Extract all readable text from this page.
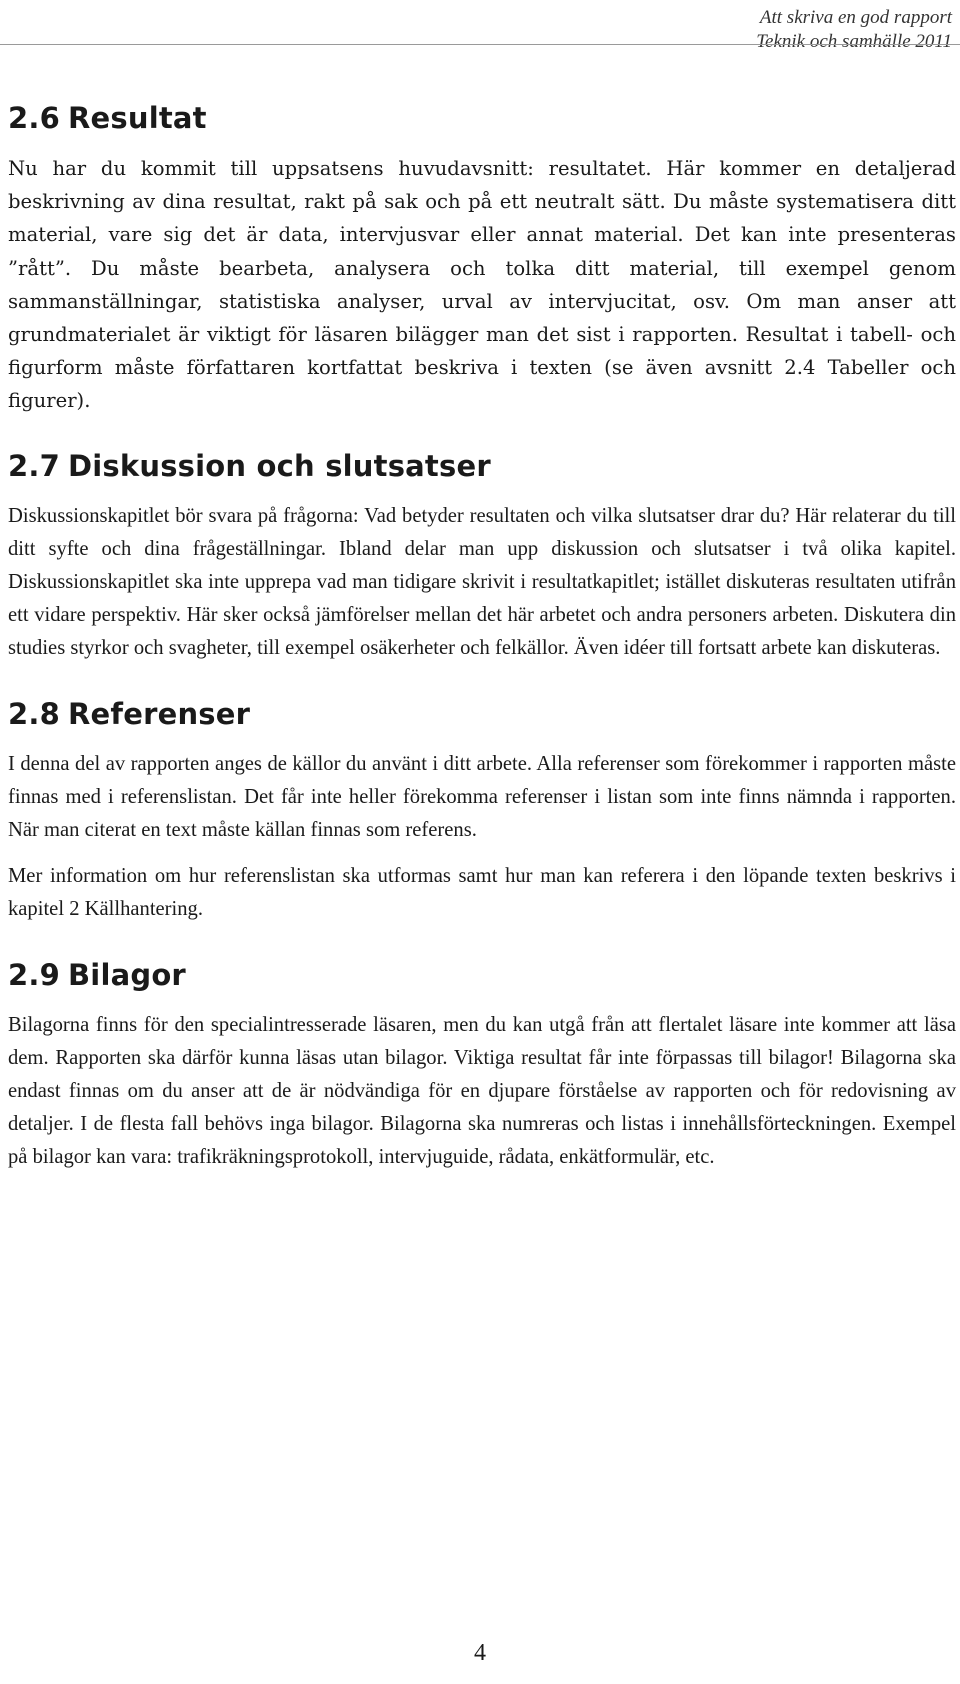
Att skriva en god rapport
Teknik och samhälle 2011
2.6 Resultat

Nu har du kommit till uppsatsens huvudavsnitt: resultatet. Här kommer en detaljerad beskrivning av dina resultat, rakt på sak och på ett neutralt sätt. Du måste systematisera ditt material, vare sig det är data, intervjusvar eller annat material. Det kan inte presenteras ”rått”. Du måste bearbeta, analysera och tolka ditt material, till exempel genom sammanställningar, statistiska analyser, urval av intervjucitat, osv. Om man anser att grundmaterialet är viktigt för läsaren bilägger man det sist i rapporten. Resultat i tabell- och figurform måste författaren kortfattat beskriva i texten (se även avsnitt 2.4 Tabeller och figurer).

2.7 Diskussion och slutsatser

Diskussionskapitlet bör svara på frågorna: Vad betyder resultaten och vilka slutsatser drar du? Här relaterar du till ditt syfte och dina frågeställningar. Ibland delar man upp diskussion och slutsatser i två olika kapitel. Diskussionskapitlet ska inte upprepa vad man tidigare skrivit i resultatkapitlet; istället diskuteras resultaten utifrån ett vidare perspektiv. Här sker också jämförelser mellan det här arbetet och andra personers arbeten. Diskutera din studies styrkor och svagheter, till exempel osäkerheter och felkällor. Även idéer till fortsatt arbete kan diskuteras.

2.8 Referenser

I denna del av rapporten anges de källor du använt i ditt arbete. Alla referenser som förekommer i rapporten måste finnas med i referenslistan. Det får inte heller förekomma referenser i listan som inte finns nämnda i rapporten. När man citerat en text måste källan finnas som referens.

Mer information om hur referenslistan ska utformas samt hur man kan referera i den löpande texten beskrivs i kapitel 2 Källhantering.

2.9 Bilagor

Bilagorna finns för den specialintresserade läsaren, men du kan utgå från att flertalet läsare inte kommer att läsa dem. Rapporten ska därför kunna läsas utan bilagor. Viktiga resultat får inte förpassas till bilagor! Bilagorna ska endast finnas om du anser att de är nödvändiga för en djupare förståelse av rapporten och för redovisning av detaljer. I de flesta fall behövs inga bilagor. Bilagorna ska numreras och listas i innehållsförteckningen. Exempel på bilagor kan vara: trafikräkningsprotokoll, intervjuguide, rådata, enkätformulär, etc.

4
